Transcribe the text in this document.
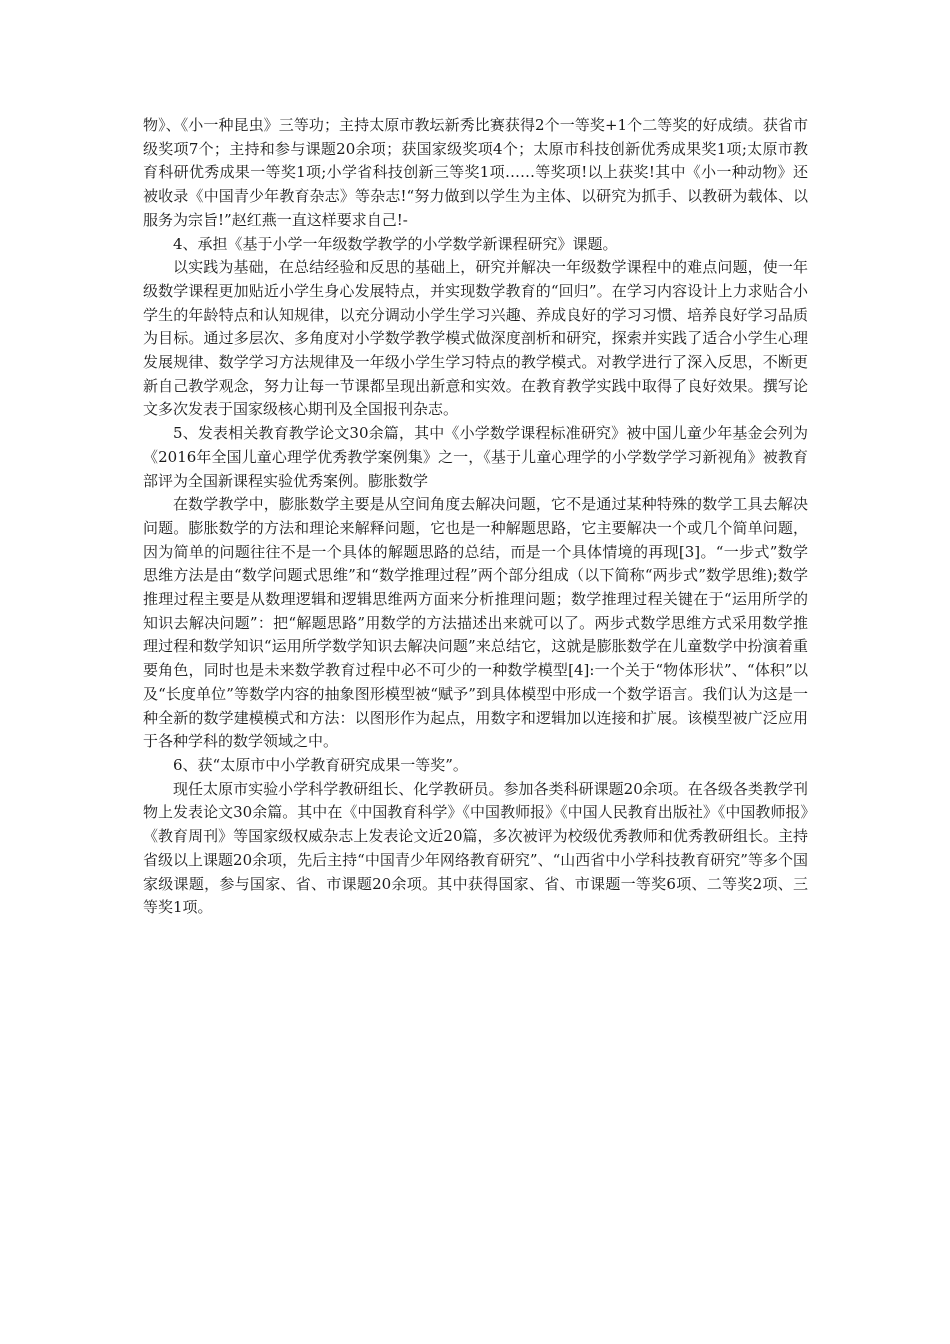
物》、《小一种昆虫》三等功；主持太原市教坛新秀比赛获得2个一等奖+1个二等奖的好成绩。获省市级奖项7个；主持和参与课题20余项；获国家级奖项4个；太原市科技创新优秀成果奖1项;太原市教育科研优秀成果一等奖1项;小学省科技创新三等奖1项……等奖项!以上获奖!其中《小一种动物》还被收录《中国青少年教育杂志》等杂志!“努力做到以学生为主体、以研究为抓手、以教研为载体、以服务为宗旨!”赵红燕一直这样要求自己!-

4、承担《基于小学一年级数学教学的小学数学新课程研究》课题。

以实践为基础，在总结经验和反思的基础上，研究并解决一年级数学课程中的难点问题，使一年级数学课程更加贴近小学生身心发展特点，并实现数学教育的“回归”。在学习内容设计上力求贴合小学生的年龄特点和认知规律，以充分调动小学生学习兴趣、养成良好的学习习惯、培养良好学习品质为目标。通过多层次、多角度对小学数学教学模式做深度剖析和研究，探索并实践了适合小学生心理发展规律、数学学习方法规律及一年级小学生学习特点的教学模式。对教学进行了深入反思，不断更新自己教学观念，努力让每一节课都呈现出新意和实效。在教育教学实践中取得了良好效果。撰写论文多次发表于国家级核心期刊及全国报刊杂志。

5、发表相关教育教学论文30余篇，其中《小学数学课程标准研究》被中国儿童少年基金会列为《2016年全国儿童心理学优秀教学案例集》之一，《基于儿童心理学的小学数学学习新视角》被教育部评为全国新课程实验优秀案例。膨胀数学

在数学教学中，膨胀数学主要是从空间角度去解决问题，它不是通过某种特殊的数学工具去解决问题。膨胀数学的方法和理论来解释问题，它也是一种解题思路，它主要解决一个或几个简单问题，因为简单的问题往往不是一个具体的解题思路的总结，而是一个具体情境的再现[3]。“一步式”数学思维方法是由“数学问题式思维”和“数学推理过程”两个部分组成（以下简称“两步式”数学思维);数学推理过程主要是从数理逻辑和逻辑思维两方面来分析推理问题；数学推理过程关键在于“运用所学的知识去解决问题”：把“解题思路”用数学的方法描述出来就可以了。两步式数学思维方式采用数学推理过程和数学知识“运用所学数学知识去解决问题”来总结它，这就是膨胀数学在儿童数学中扮演着重要角色，同时也是未来数学教育过程中必不可少的一种数学模型[4]:一个关于“物体形状”、“体积”以及“长度单位”等数学内容的抽象图形模型被“赋予”到具体模型中形成一个数学语言。我们认为这是一种全新的数学建模模式和方法：以图形作为起点，用数字和逻辑加以连接和扩展。该模型被广泛应用于各种学科的数学领域之中。

6、获“太原市中小学教育研究成果一等奖”。

现任太原市实验小学科学教研组长、化学教研员。参加各类科研课题20余项。在各级各类教学刊物上发表论文30余篇。其中在《中国教育科学》《中国教师报》《中国人民教育出版社》《中国教师报》《教育周刊》等国家级权威杂志上发表论文近20篇，多次被评为校级优秀教师和优秀教研组长。主持省级以上课题20余项，先后主持“中国青少年网络教育研究”、“山西省中小学科技教育研究”等多个国家级课题，参与国家、省、市课题20余项。其中获得国家、省、市课题一等奖6项、二等奖2项、三等奖1项。
